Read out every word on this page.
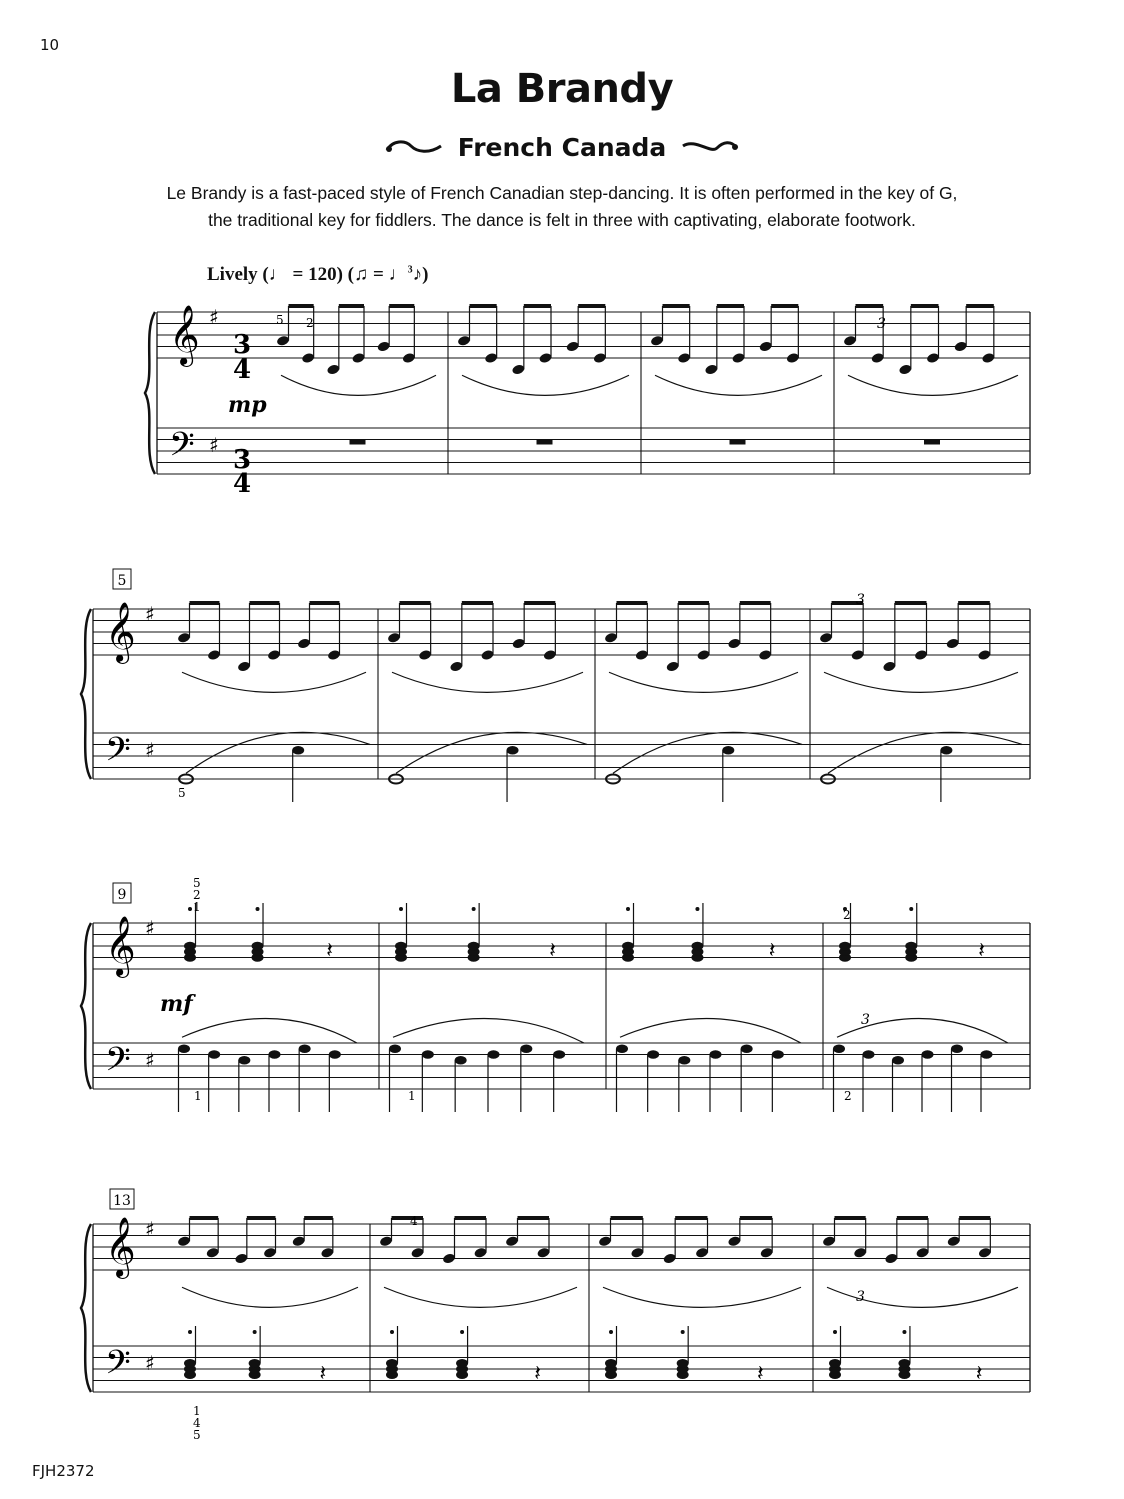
10
La Brandy
French Canada
Le Brandy is a fast-paced style of French Canadian step-dancing. It is often performed in the key of G,
the traditional key for fiddlers. The dance is felt in three with captivating, elaborate footwork.
Lively (♩ = 120) (♫ = ♩$^3$♪)
𝄞
𝄢
♯
♯
𝄞
𝄢
♯
♯
𝄞
𝄢
♯
♯
𝄽	𝄽	𝄽	𝄽
𝄞
𝄢
♯
♯	𝄽	𝄽	𝄽	𝄽
mp
mf
3
4
3
4
5
9
13
5 2
5
5
2
1
2
1	1	2
4
1
4
5
3
3
3
3
FJH2372
